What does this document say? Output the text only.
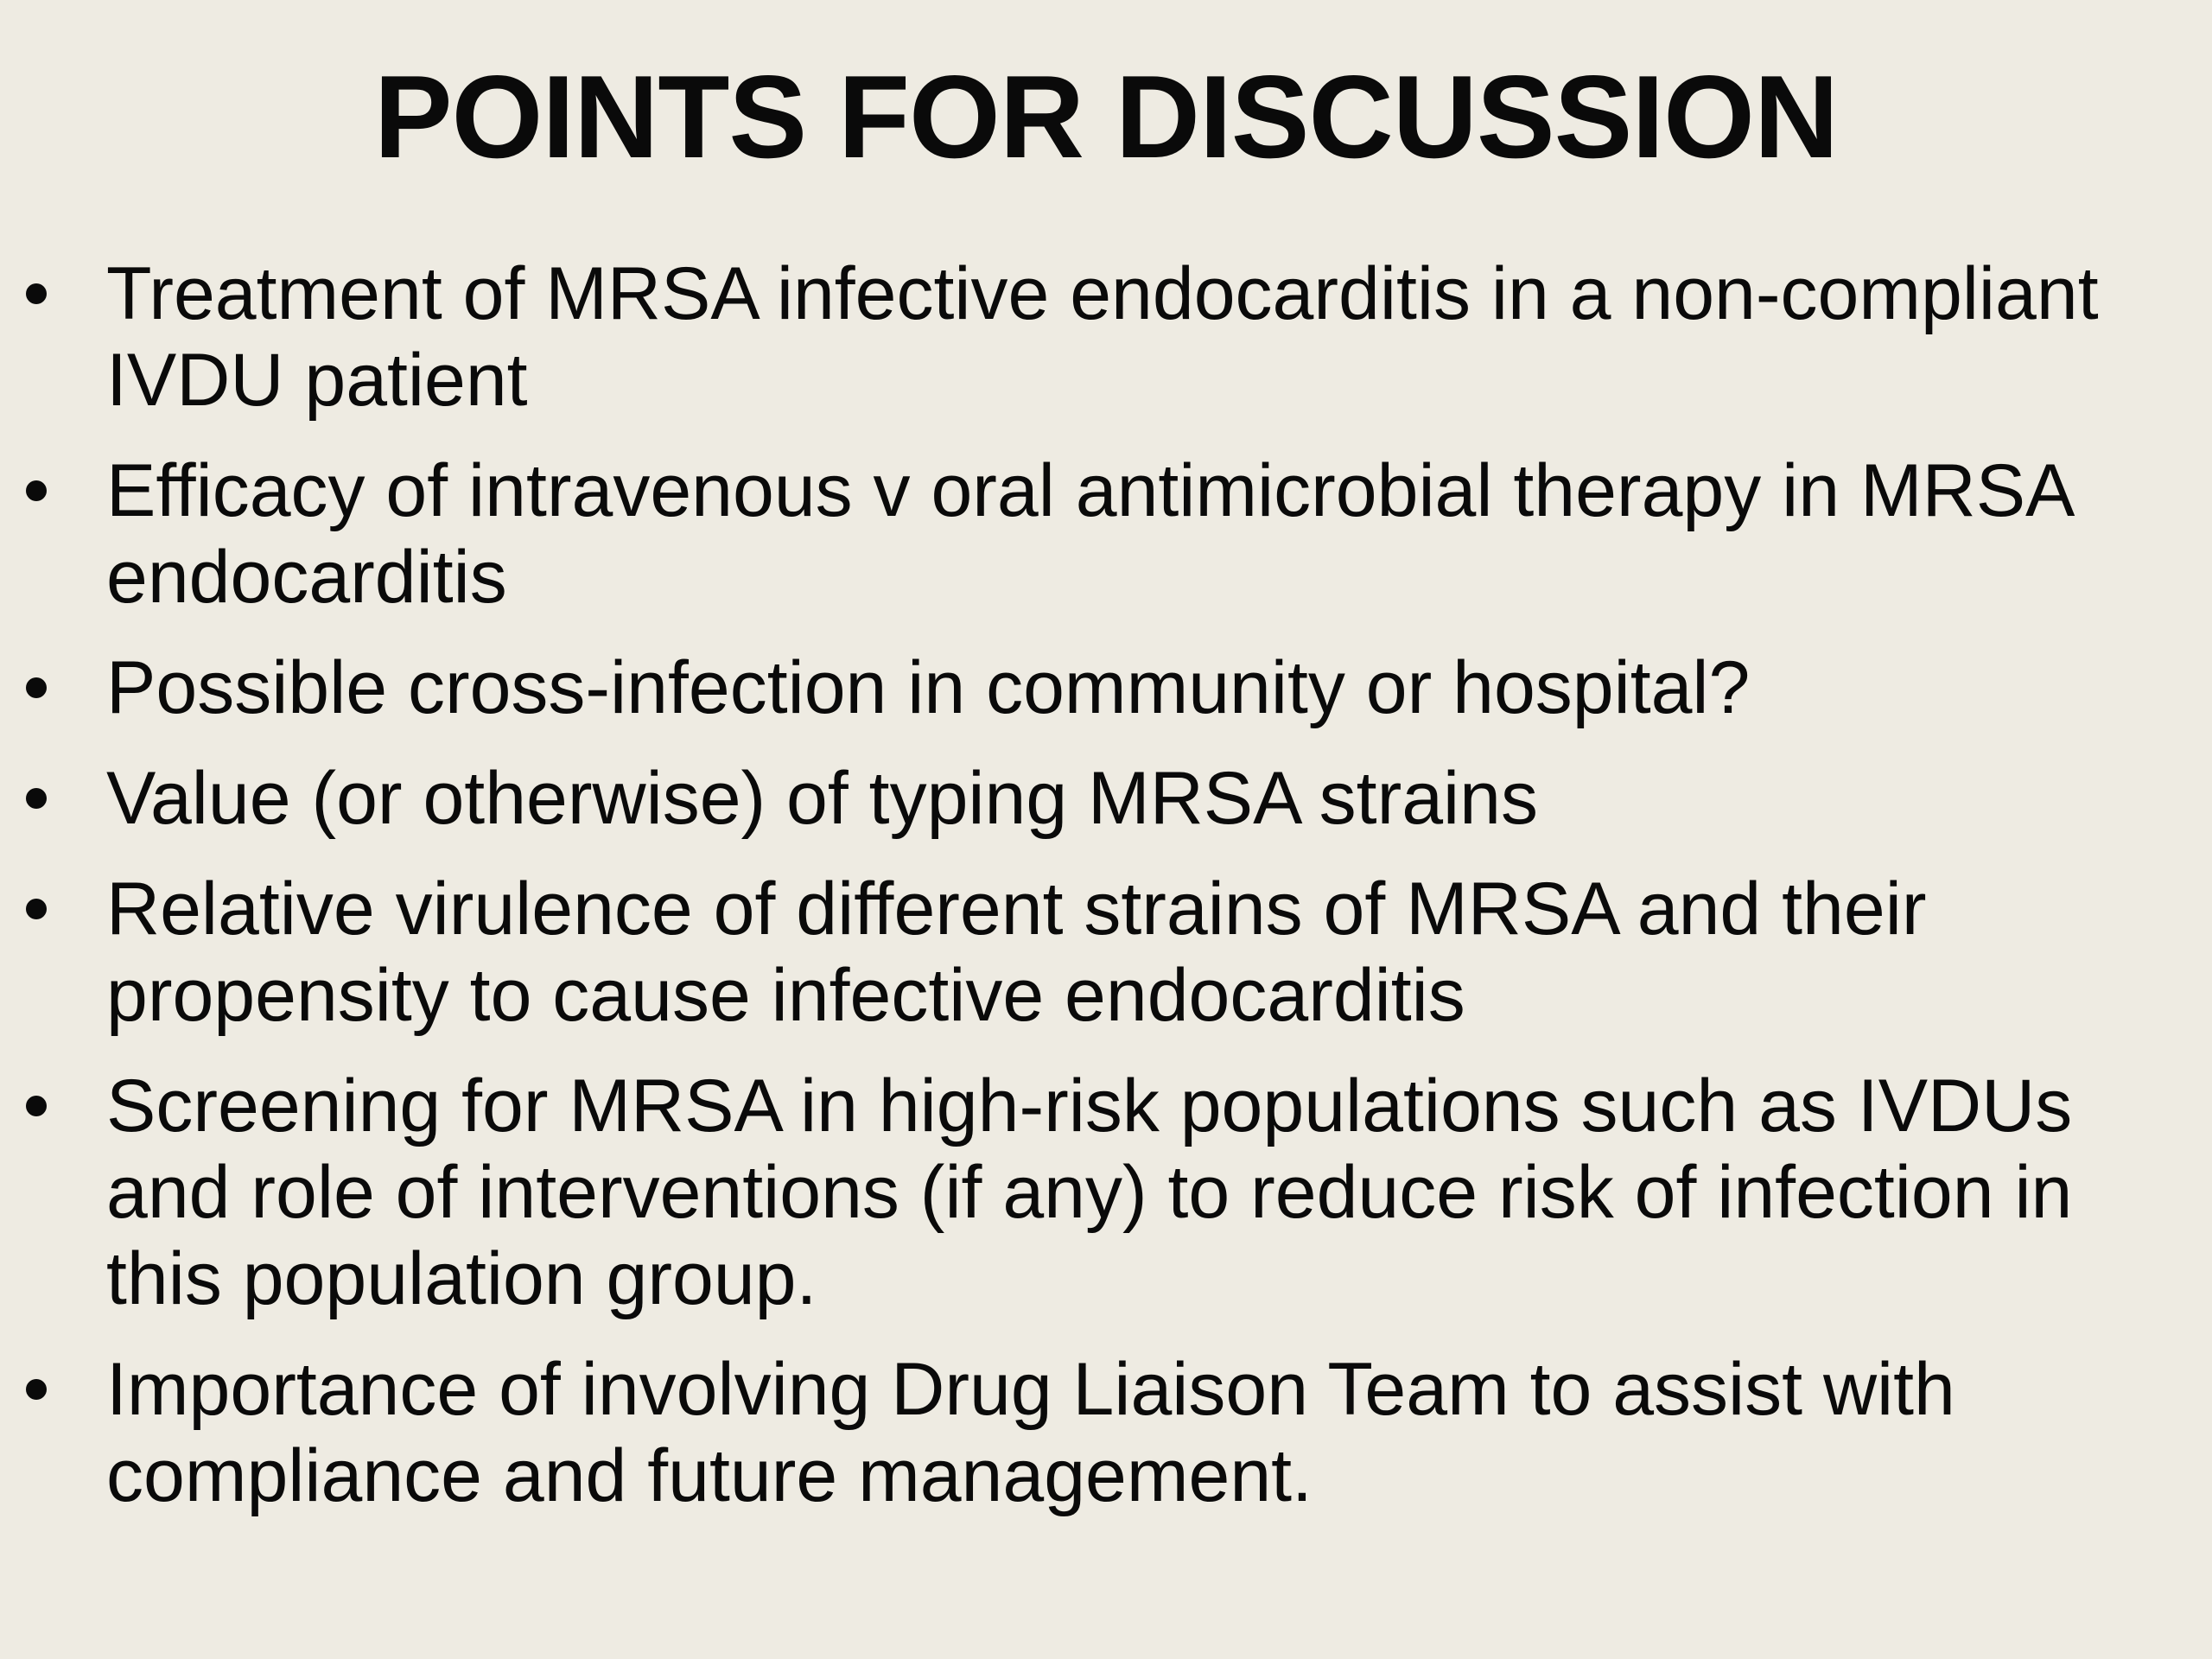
POINTS FOR DISCUSSION
Treatment of MRSA infective endocarditis in a non-compliant IVDU patient
Efficacy of intravenous v oral antimicrobial therapy in MRSA endocarditis
Possible cross-infection in community or hospital?
Value (or otherwise) of typing MRSA strains
Relative virulence of different strains of MRSA and their propensity to cause infective endocarditis
Screening for MRSA in high-risk populations such as IVDUs and role of interventions (if any) to reduce risk of infection in this population group.
Importance of involving Drug Liaison Team to assist with compliance and future management.
